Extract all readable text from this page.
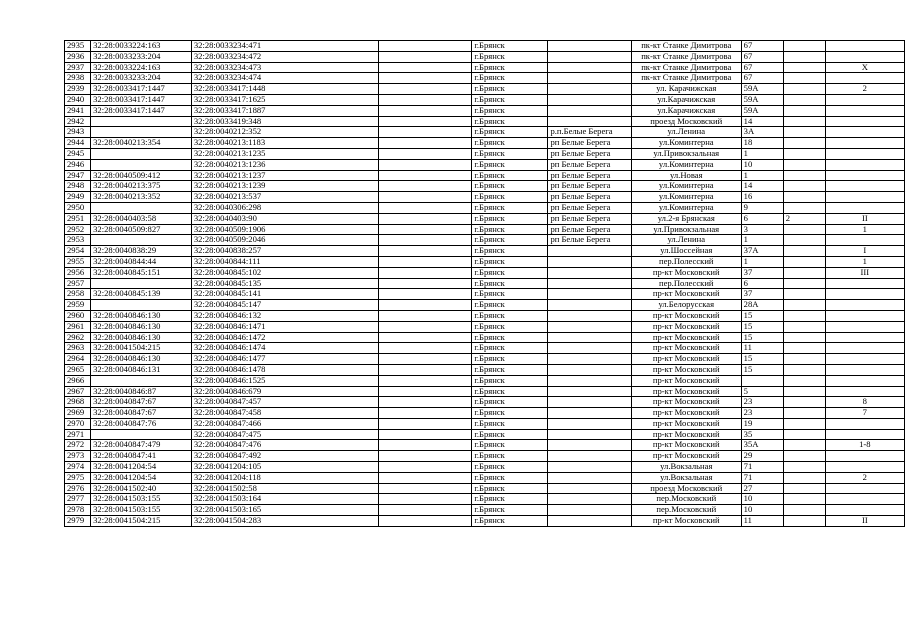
2935	32:28:0033224:163	32:28:0033234:471		г.Брянск		пк-кт Станке Димитрова	67		
2936	32:28:0033233:204	32:28:0033234:472		г.Брянск		пк-кт Станке Димитрова	67		
2937	32:28:0033224:163	32:28:0033234:473		г.Брянск		пк-кт Станке Димитрова	67		X
2938	32:28:0033233:204	32:28:0033234:474		г.Брянск		пк-кт Станке Димитрова	67		
2939	32:28:0033417:1447	32:28:0033417:1448		г.Брянск		ул. Карачижская	59А		2
2940	32:28:0033417:1447	32:28:0033417:1625		г.Брянск		ул.Карачижская	59А		
2941	32:28:0033417:1447	32:28:0033417:1887		г.Брянск		ул.Карачижская	59А		
2942		32:28:0033419:348		г.Брянск		проезд Московский	14		
2943		32:28:0040212:352		г.Брянск	р.п.Белые Берега	ул.Ленина	3А		
2944	32:28:0040213:354	32:28:0040213:1183		г.Брянск	рп Белые Берега	ул.Коминтерна	18		
2945		32:28:0040213:1235		г.Брянск	рп Белые Берега	ул.Привокзальная	1		
2946		32:28:0040213:1236		г.Брянск	рп Белые Берега	ул.Коминтерна	10		
2947	32:28:0040509:412	32:28:0040213:1237		г.Брянск	рп Белые Берега	ул.Новая	1		
2948	32:28:0040213:375	32:28:0040213:1239		г.Брянск	рп Белые Берега	ул.Коминтерна	14		
2949	32:28:0040213:352	32:28:0040213:537		г.Брянск	рп Белые Берега	ул.Коминтерна	16		
2950		32:28:0040306:298		г.Брянск	рп Белые Берега	ул.Коминтерна	9		
2951	32:28:0040403:58	32:28:0040403:90		г.Брянск	рп Белые Берега	ул.2-я Брянская	6	2	II
2952	32:28:0040509:827	32:28:0040509:1906		г.Брянск	рп Белые Берега	ул.Привокзальная	3		1
2953		32:28:0040509:2046		г.Брянск	рп Белые Берега	ул.Ленина	1		
2954	32:28:0040838:29	32:28:0040838:257		г.Брянск		ул.Шоссейная	37А		I
2955	32:28:0040844:44	32:28:0040844:111		г.Брянск		пер.Полесский	1		1
2956	32:28:0040845:151	32:28:0040845:102		г.Брянск		пр-кт Московский	37		III
2957		32:28:0040845:135		г.Брянск		пер.Полесский	6		
2958	32:28:0040845:139	32:28:0040845:141		г.Брянск		пр-кт Московский	37		
2959		32:28:0040845:147		г.Брянск		ул.Белорусская	28А		
2960	32:28:0040846:130	32:28:0040846:132		г.Брянск		пр-кт Московский	15		
2961	32:28:0040846:130	32:28:0040846:1471		г.Брянск		пр-кт Московский	15		
2962	32:28:0040846:130	32:28:0040846:1472		г.Брянск		пр-кт Московский	15		
2963	32:28:0041504:215	32:28:0040846:1474		г.Брянск		пр-кт Московский	11		
2964	32:28:0040846:130	32:28:0040846:1477		г.Брянск		пр-кт Московский	15		
2965	32:28:0040846:131	32:28:0040846:1478		г.Брянск		пр-кт Московский	15		
2966		32:28:0040846:1525		г.Брянск		пр-кт Московский			
2967	32:28:0040846:87	32:28:0040846:679		г.Брянск		пр-кт Московский	5		
2968	32:28:0040847:67	32:28:0040847:457		г.Брянск		пр-кт Московский	23		8
2969	32:28:0040847:67	32:28:0040847:458		г.Брянск		пр-кт Московский	23		7
2970	32:28:0040847:76	32:28:0040847:466		г.Брянск		пр-кт Московский	19		
2971		32:28:0040847:475		г.Брянск		пр-кт Московский	35		
2972	32:28:0040847:479	32:28:0040847:476		г.Брянск		пр-кт Московский	35А		1-8
2973	32:28:0040847:41	32:28:0040847:492		г.Брянск		пр-кт Московский	29		
2974	32:28:0041204:54	32:28:0041204:105		г.Брянск		ул.Вокзальная	71		
2975	32:28:0041204:54	32:28:0041204:118		г.Брянск		ул.Вокзальная	71		2
2976	32:28:0041502:40	32:28:0041502:58		г.Брянск		проезд Московский	27		
2977	32:28:0041503:155	32:28:0041503:164		г.Брянск		пер.Московский	10		
2978	32:28:0041503:155	32:28:0041503:165		г.Брянск		пер.Московский	10		
2979	32:28:0041504:215	32:28:0041504:283		г.Брянск		пр-кт Московский	11		II
